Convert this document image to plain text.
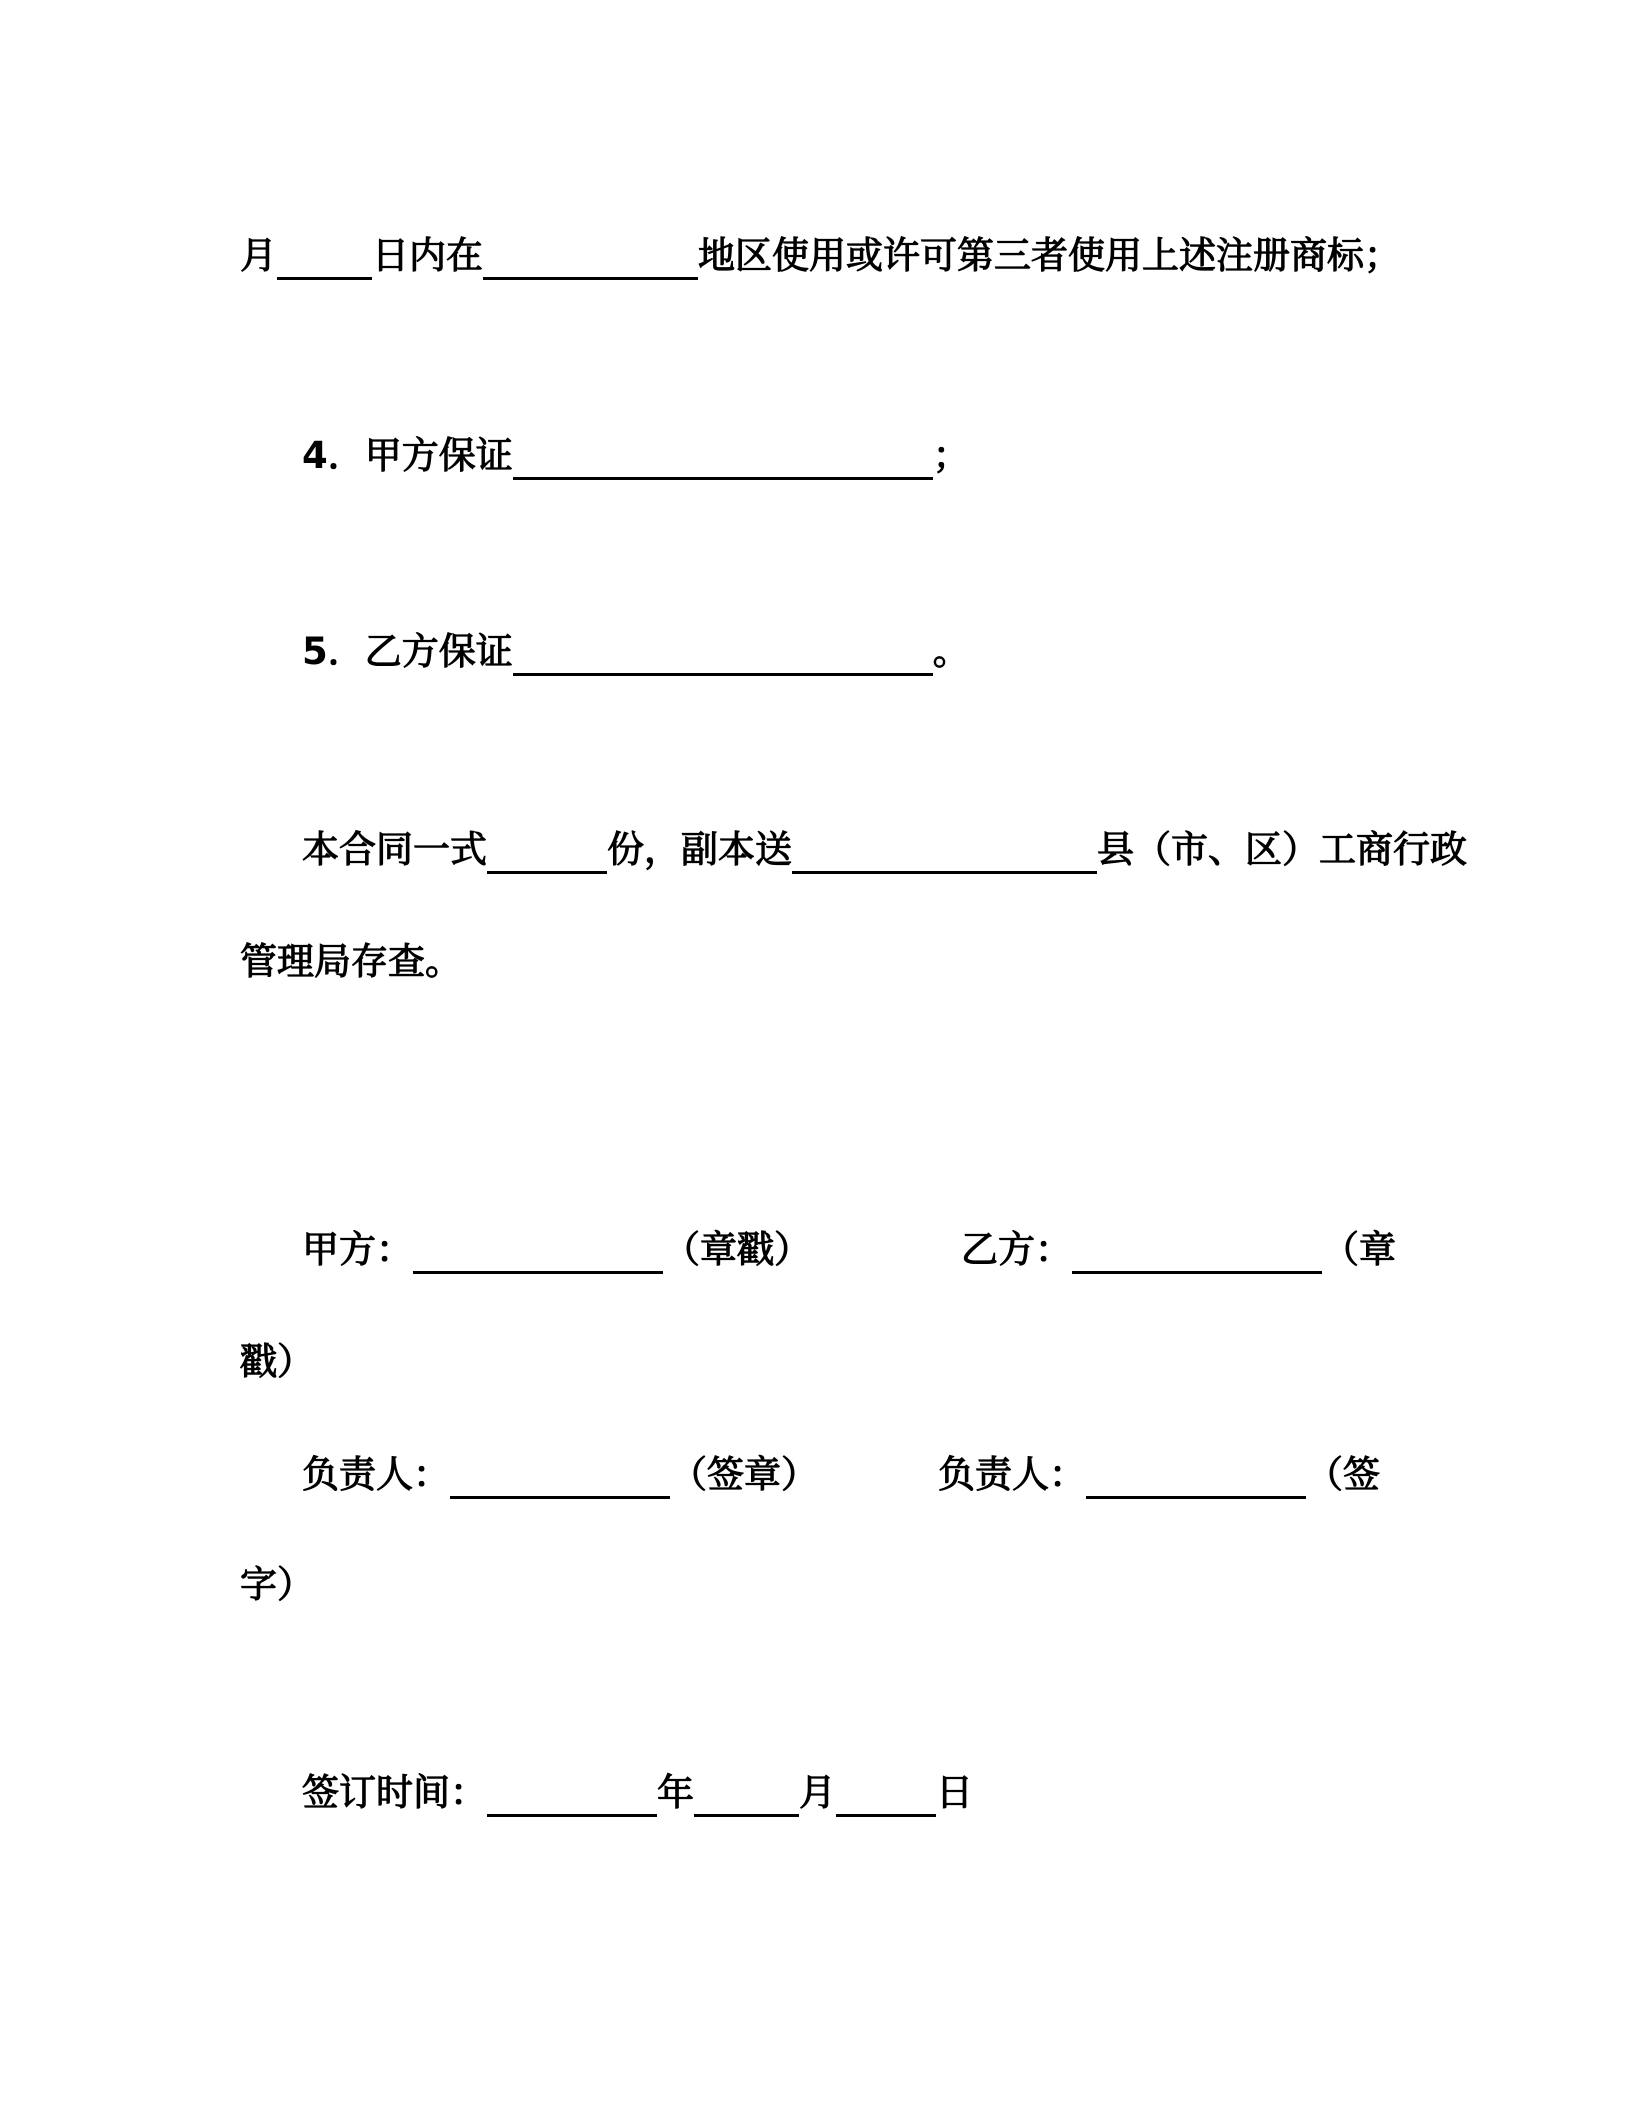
月	日内在	地区使用或许可第三者使用上述注册商标；

4．甲方保证	；

5．乙方保证	。

本合同一式	份，副本送	县（市、区）工商行政

管理局存查。

甲方：	（章戳）	乙方：	（章

戳）

负责人：	（签章）	负责人：	（签

字）

签订时间：	年	月	日
